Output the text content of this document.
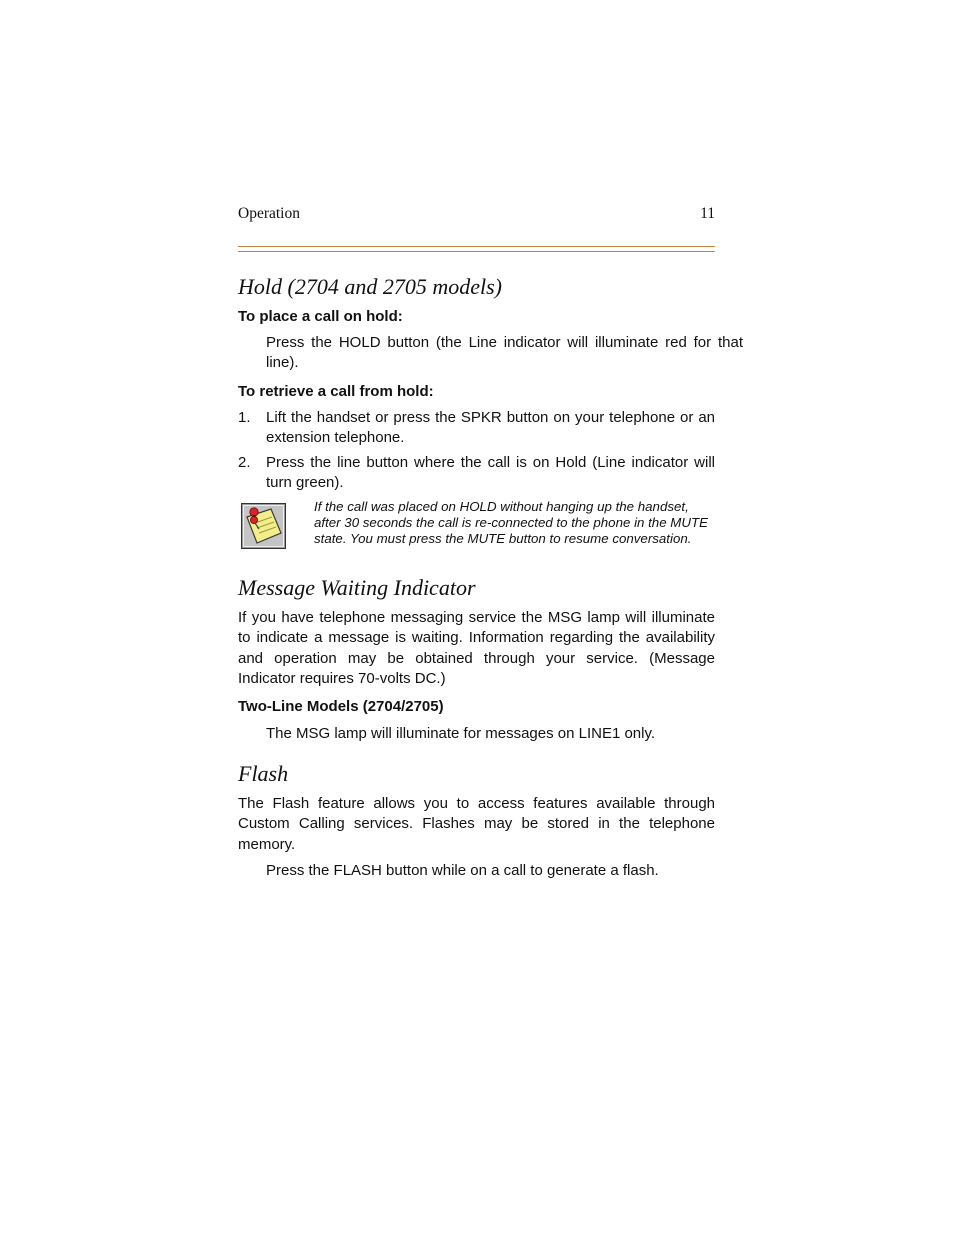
Operation	11
Hold (2704 and 2705 models)
To place a call on hold:

Press the HOLD button (the Line indicator will illuminate red for that line).

To retrieve a call from hold:
1. Lift the handset or press the SPKR button on your telephone or an extension telephone.
2. Press the line button where the call is on Hold (Line indicator will turn green).
If the call was placed on HOLD without hanging up the handset, after 30 seconds the call is re-connected to the phone in the MUTE state. You must press the MUTE button to resume conversation.
Message Waiting Indicator

If you have telephone messaging service the MSG lamp will illuminate to indicate a message is waiting. Information regarding the availability and operation may be obtained through your service. (Message Indicator requires 70-volts DC.)

Two-Line Models (2704/2705)

The MSG lamp will illuminate for messages on LINE1 only.

Flash

The Flash feature allows you to access features available through Custom Calling services. Flashes may be stored in the telephone memory.

Press the FLASH button while on a call to generate a flash.
